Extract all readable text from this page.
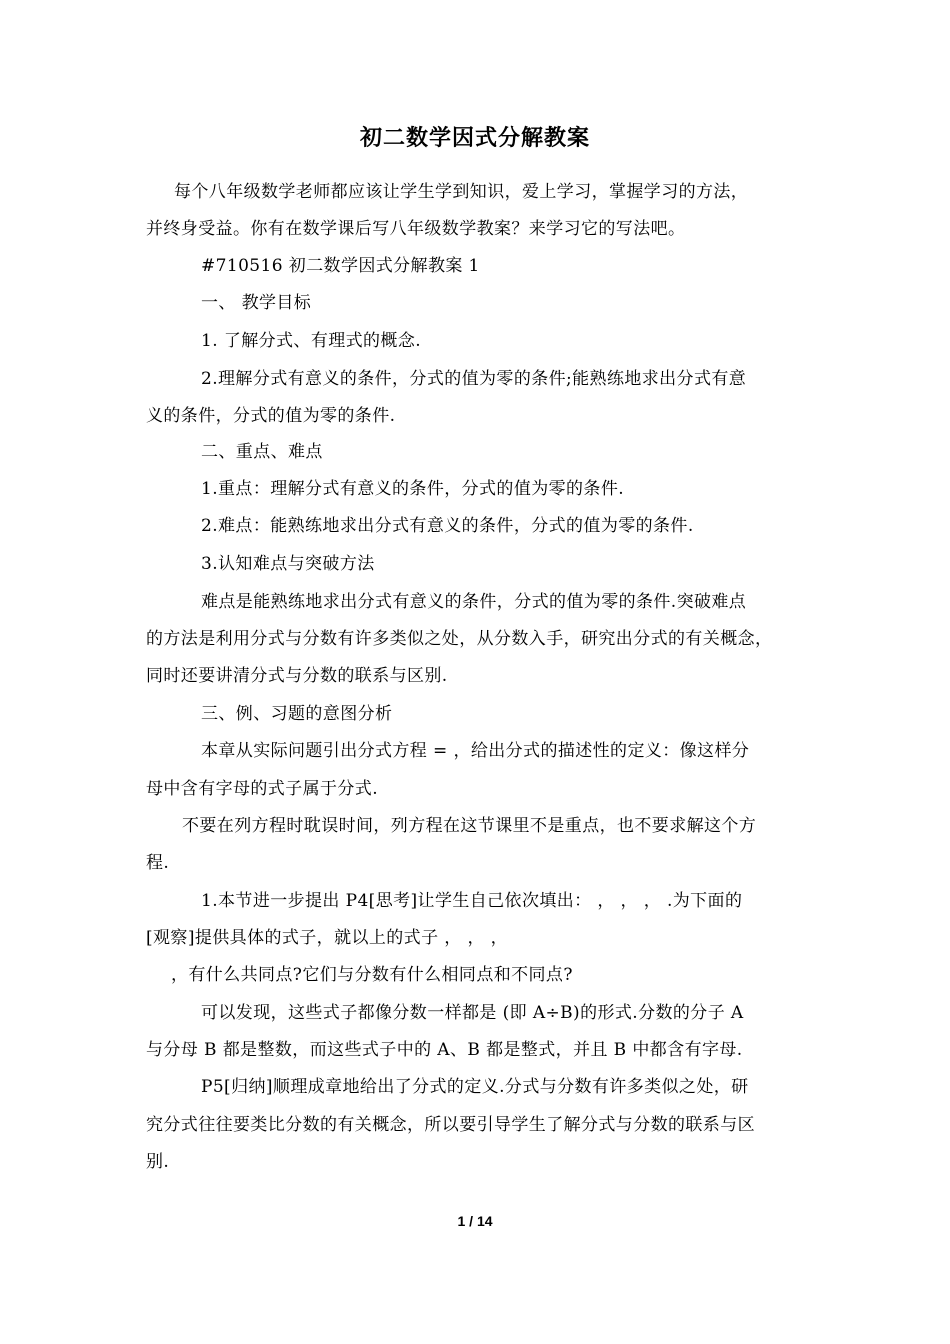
初二数学因式分解教案
每个八年级数学老师都应该让学生学到知识，爱上学习，掌握学习的方法，
并终身受益。你有在数学课后写八年级数学教案？来学习它的写法吧。
#710516 初二数学因式分解教案 1
一、 教学目标
1. 了解分式、有理式的概念.
2.理解分式有意义的条件，分式的值为零的条件;能熟练地求出分式有意
义的条件，分式的值为零的条件.
二、重点、难点
1.重点：理解分式有意义的条件，分式的值为零的条件.
2.难点：能熟练地求出分式有意义的条件，分式的值为零的条件.
3.认知难点与突破方法
难点是能熟练地求出分式有意义的条件，分式的值为零的条件.突破难点
的方法是利用分式与分数有许多类似之处，从分数入手，研究出分式的有关概念，
同时还要讲清分式与分数的联系与区别.
三、例、习题的意图分析
本章从实际问题引出分式方程 = ，给出分式的描述性的定义：像这样分
母中含有字母的式子属于分式.
不要在列方程时耽误时间，列方程在这节课里不是重点，也不要求解这个方
程.
1.本节进一步提出 P4[思考]让学生自己依次填出： ， ， ， .为下面的
[观察]提供具体的式子，就以上的式子 ， ， ，
，有什么共同点?它们与分数有什么相同点和不同点?
可以发现，这些式子都像分数一样都是 (即 A÷B)的形式.分数的分子 A
与分母 B 都是整数，而这些式子中的 A、B 都是整式，并且 B 中都含有字母.
P5[归纳]顺理成章地给出了分式的定义.分式与分数有许多类似之处，研
究分式往往要类比分数的有关概念，所以要引导学生了解分式与分数的联系与区
别.
1 / 14
